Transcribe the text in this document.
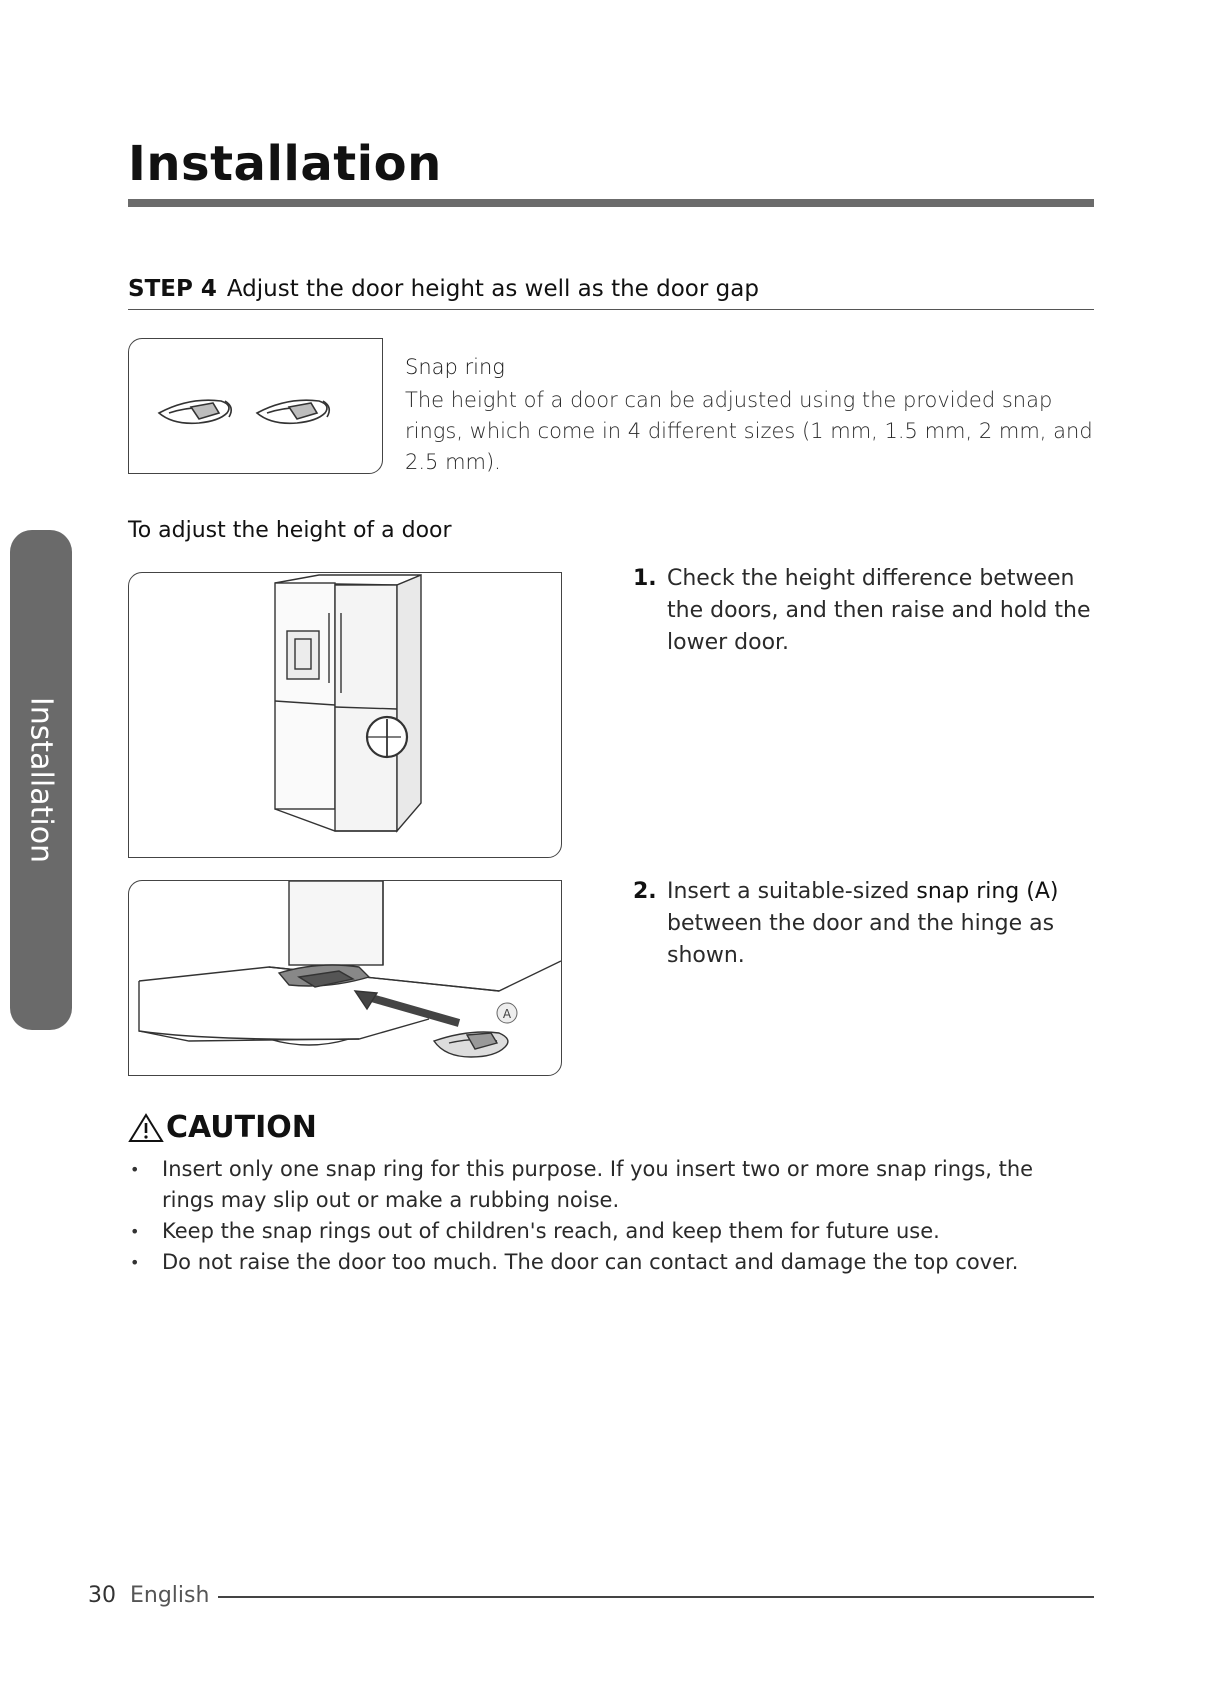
Installation
STEP 4 Adjust the door height as well as the door gap
Snap ring
The height of a door can be adjusted using the provided snap rings, which come in 4 different sizes (1 mm, 1.5 mm, 2 mm, and 2.5 mm).
To adjust the height of a door
1. Check the height difference between the doors, and then raise and hold the lower door.
A
2. Insert a suitable-sized snap ring (A) between the door and the hinge as shown.
CAUTION
• Insert only one snap ring for this purpose. If you insert two or more snap rings, the rings may slip out or make a rubbing noise.
• Keep the snap rings out of children's reach, and keep them for future use.
• Do not raise the door too much. The door can contact and damage the top cover.
Installation
30 English
